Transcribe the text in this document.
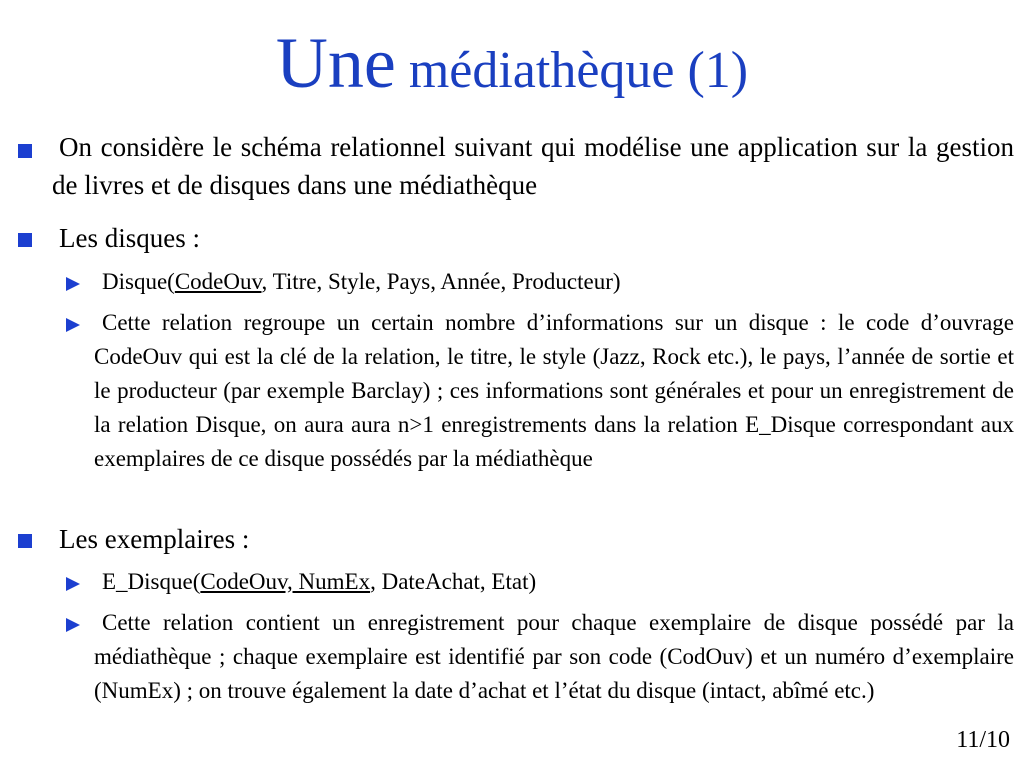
Une médiathèque (1)
On considère le schéma relationnel suivant qui modélise une application sur la gestion de livres et de disques dans une médiathèque
Les disques :
Disque(CodeOuv, Titre, Style, Pays, Année, Producteur)
Cette relation regroupe un certain nombre d’informations sur un disque : le code d’ouvrage CodeOuv qui est la clé de la relation, le titre, le style (Jazz, Rock etc.), le pays, l’année de sortie et le producteur (par exemple Barclay) ; ces informations sont générales et pour un enregistrement de la relation Disque, on aura aura n>1 enregistrements dans la relation E_Disque correspondant aux exemplaires de ce disque possédés par la médiathèque
Les exemplaires :
E_Disque(CodeOuv, NumEx, DateAchat, Etat)
Cette relation contient un enregistrement pour chaque exemplaire de disque possédé par la médiathèque ; chaque exemplaire est identifié par son code (CodOuv) et un numéro d’exemplaire (NumEx) ; on trouve également la date d’achat et l’état du disque (intact, abîmé etc.)
11/10
